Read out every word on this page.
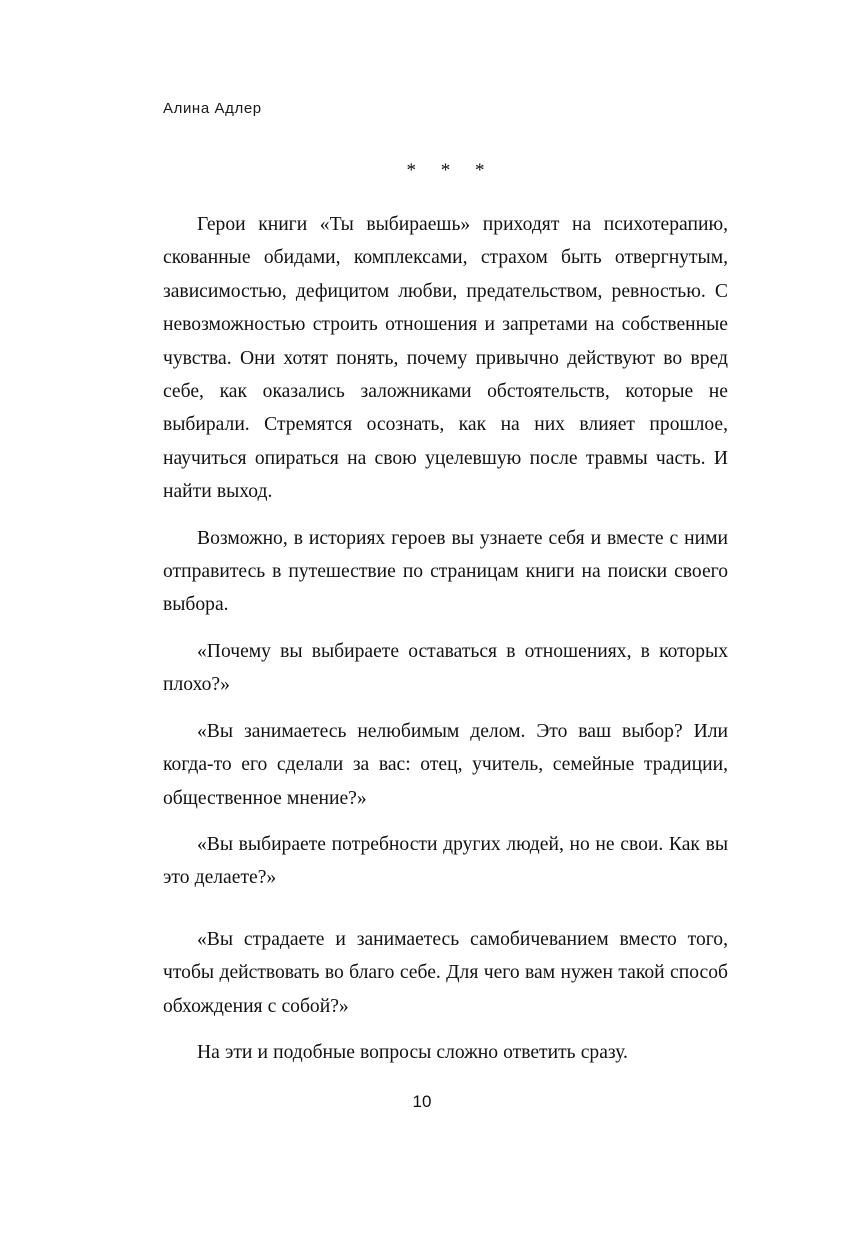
Алина Адлер
* * *

Герои книги «Ты выбираешь» приходят на психотерапию, скованные обидами, комплексами, страхом быть отвергнутым, зависимостью, дефицитом любви, предательством, ревностью. С невозможностью строить отношения и запретами на собственные чувства. Они хотят понять, почему привычно действуют во вред себе, как оказались заложниками обстоятельств, которые не выбирали. Стремятся осознать, как на них влияет прошлое, научиться опираться на свою уцелевшую после травмы часть. И найти выход.

Возможно, в историях героев вы узнаете себя и вместе с ними отправитесь в путешествие по страницам книги на поиски своего выбора.

«Почему вы выбираете оставаться в отношениях, в которых плохо?»

«Вы занимаетесь нелюбимым делом. Это ваш выбор? Или когда-то его сделали за вас: отец, учитель, семейные традиции, общественное мнение?»

«Вы выбираете потребности других людей, но не свои. Как вы это делаете?»

«Вы страдаете и занимаетесь самобичеванием вместо того, чтобы действовать во благо себе. Для чего вам нужен такой способ обхождения с собой?»

На эти и подобные вопросы сложно ответить сразу.

10
